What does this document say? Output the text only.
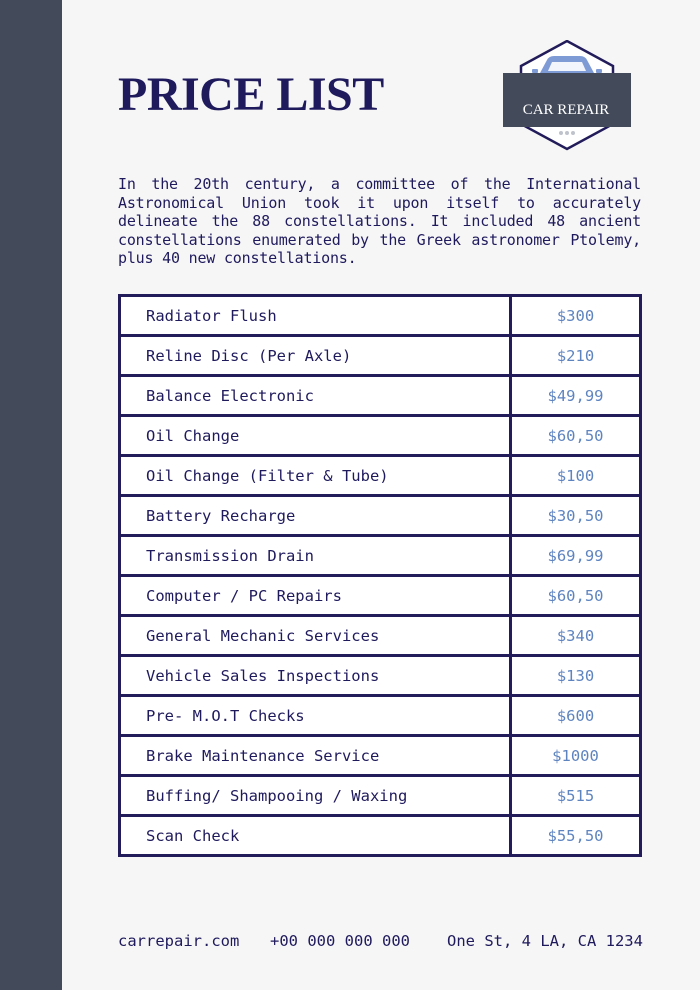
PRICE LIST	CAR REPAIR

In the 20th century, a committee of the International Astronomical Union took it upon itself to accurately delineate the 88 constellations. It included 48 ancient constellations enumerated by the Greek astronomer Ptolemy, plus 40 new constellations.

Radiator Flush	$300
Reline Disc (Per Axle)	$210
Balance Electronic	$49,99
Oil Change	$60,50
Oil Change (Filter & Tube)	$100
Battery Recharge	$30,50
Transmission Drain	$69,99
Computer / PC Repairs	$60,50
General Mechanic Services	$340
Vehicle Sales Inspections	$130
Pre- M.O.T Checks	$600
Brake Maintenance Service	$1000
Buffing/ Shampooing / Waxing	$515
Scan Check	$55,50
carrepair.com +00 000 000 000 One St, 4 LA, CA 1234
